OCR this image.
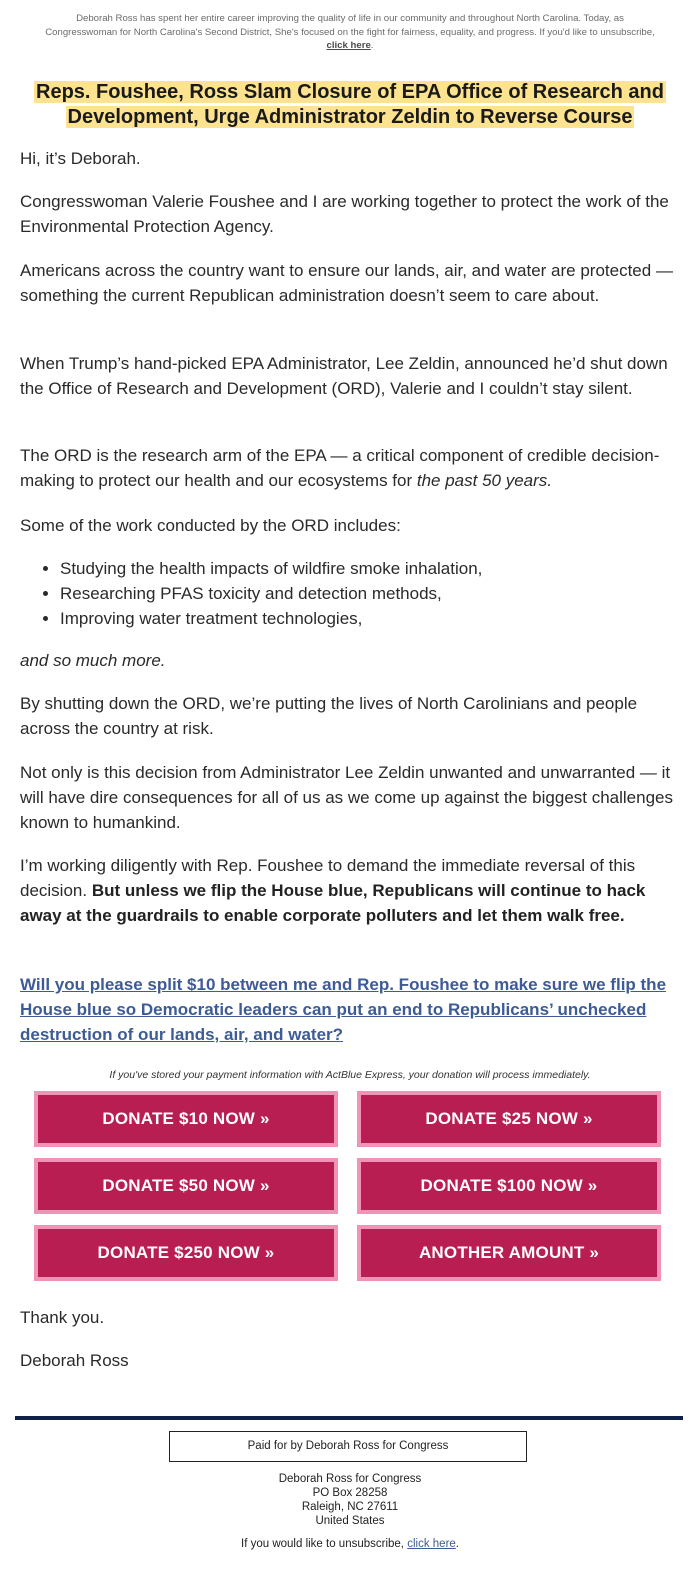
Deborah Ross has spent her entire career improving the quality of life in our community and throughout North Carolina. Today, as Congresswoman for North Carolina's Second District, She's focused on the fight for fairness, equality, and progress. If you'd like to unsubscribe, click here.
Reps. Foushee, Ross Slam Closure of EPA Office of Research and Development, Urge Administrator Zeldin to Reverse Course
Hi, it’s Deborah.
Congresswoman Valerie Foushee and I are working together to protect the work of the Environmental Protection Agency.
Americans across the country want to ensure our lands, air, and water are protected — something the current Republican administration doesn’t seem to care about.
When Trump’s hand-picked EPA Administrator, Lee Zeldin, announced he’d shut down the Office of Research and Development (ORD), Valerie and I couldn’t stay silent.
The ORD is the research arm of the EPA — a critical component of credible decision-making to protect our health and our ecosystems for the past 50 years.
Some of the work conducted by the ORD includes:
• Studying the health impacts of wildfire smoke inhalation,
• Researching PFAS toxicity and detection methods,
• Improving water treatment technologies,
and so much more.
By shutting down the ORD, we’re putting the lives of North Carolinians and people across the country at risk.
Not only is this decision from Administrator Lee Zeldin unwanted and unwarranted — it will have dire consequences for all of us as we come up against the biggest challenges known to humankind.
I’m working diligently with Rep. Foushee to demand the immediate reversal of this decision. But unless we flip the House blue, Republicans will continue to hack away at the guardrails to enable corporate polluters and let them walk free.
Will you please split $10 between me and Rep. Foushee to make sure we flip the House blue so Democratic leaders can put an end to Republicans’ unchecked destruction of our lands, air, and water?
If you've stored your payment information with ActBlue Express, your donation will process immediately.
DONATE $10 NOW »	DONATE $25 NOW »
DONATE $50 NOW »	DONATE $100 NOW »
DONATE $250 NOW »	ANOTHER AMOUNT »
Thank you.
Deborah Ross
Paid for by Deborah Ross for Congress
Deborah Ross for Congress
PO Box 28258
Raleigh, NC 27611
United States
If you would like to unsubscribe, click here.
